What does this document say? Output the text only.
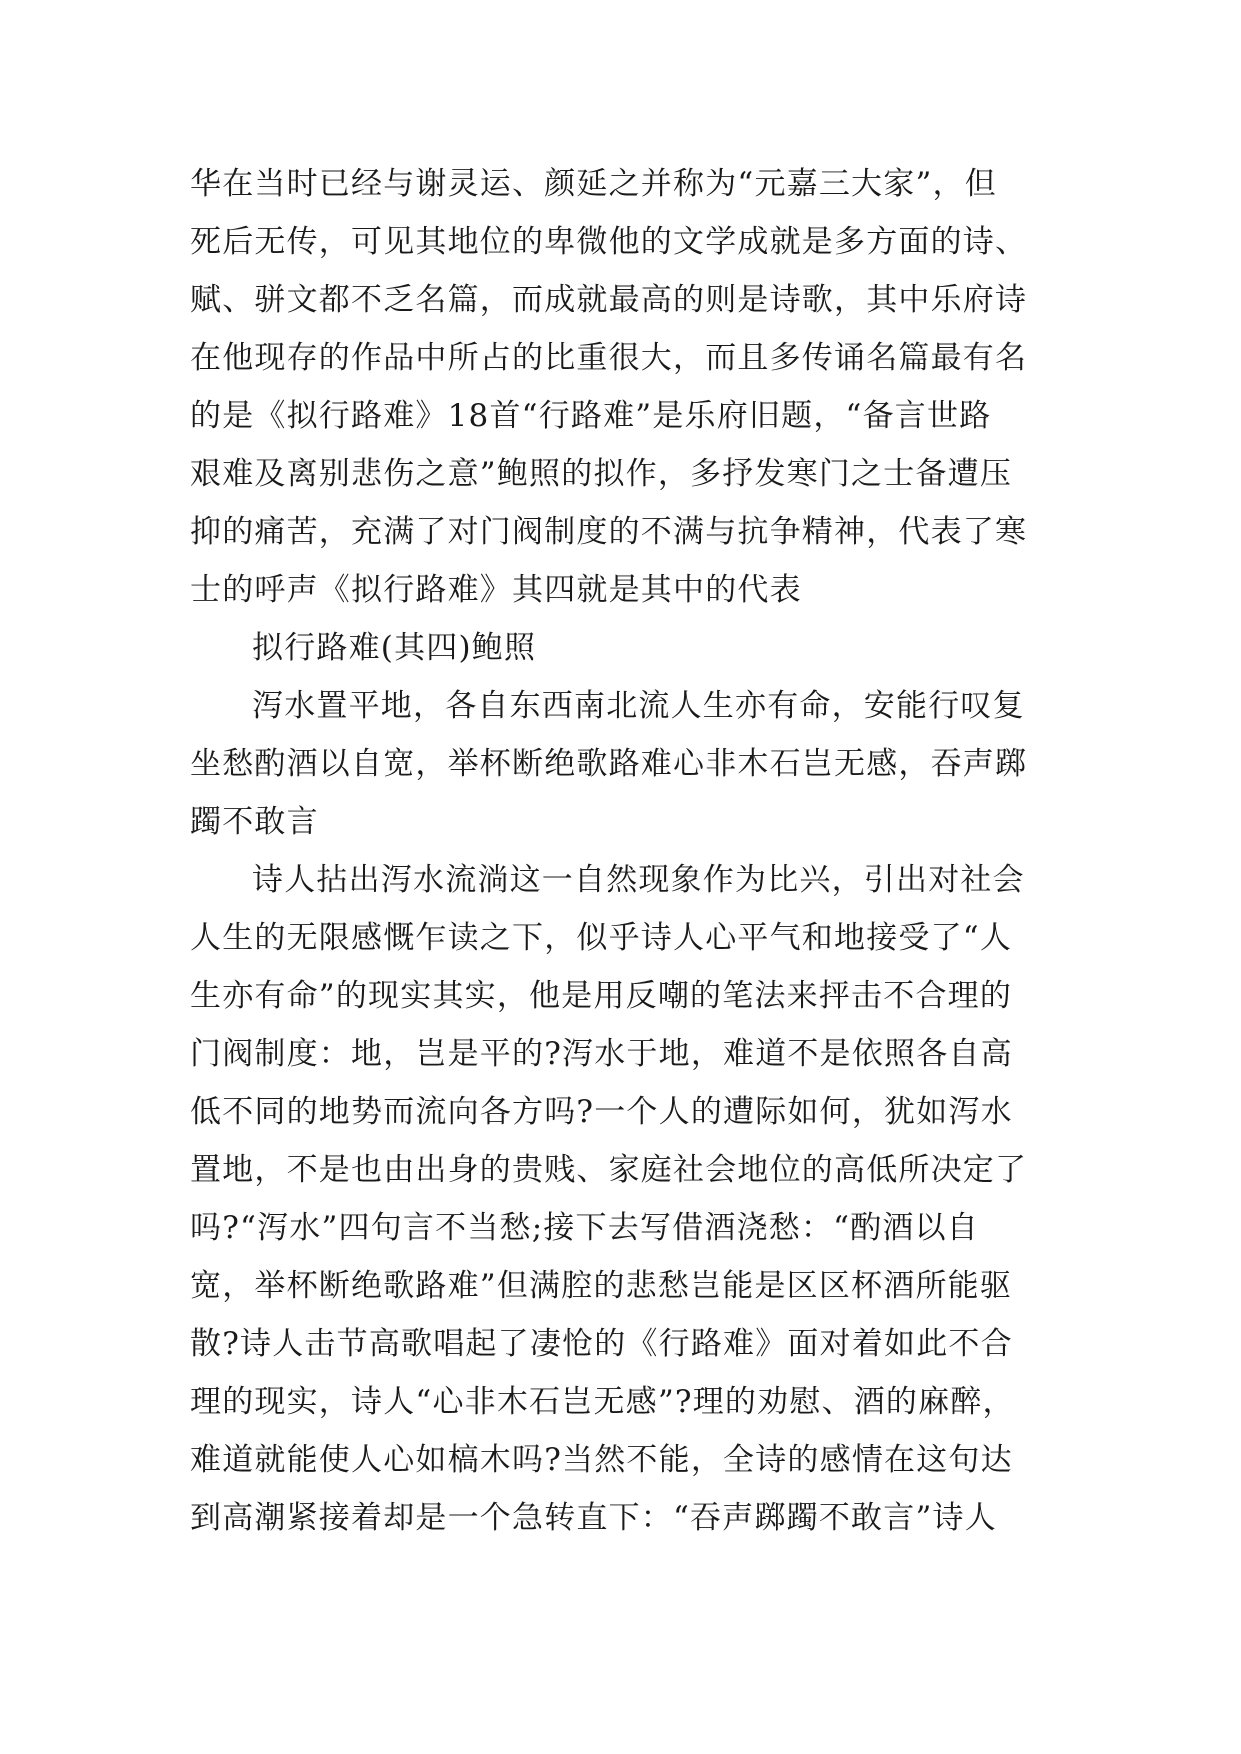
华在当时已经与谢灵运、颜延之并称为“元嘉三大家”，但
死后无传，可见其地位的卑微他的文学成就是多方面的诗、
赋、骈文都不乏名篇，而成就最高的则是诗歌，其中乐府诗
在他现存的作品中所占的比重很大，而且多传诵名篇最有名
的是《拟行路难》18首“行路难”是乐府旧题，“备言世路
艰难及离别悲伤之意”鲍照的拟作，多抒发寒门之士备遭压
抑的痛苦，充满了对门阀制度的不满与抗争精神，代表了寒
士的呼声《拟行路难》其四就是其中的代表
拟行路难(其四)鲍照
泻水置平地，各自东西南北流人生亦有命，安能行叹复
坐愁酌酒以自宽，举杯断绝歌路难心非木石岂无感，吞声踯
躅不敢言
诗人拈出泻水流淌这一自然现象作为比兴，引出对社会
人生的无限感慨乍读之下，似乎诗人心平气和地接受了“人
生亦有命”的现实其实，他是用反嘲的笔法来抨击不合理的
门阀制度：地，岂是平的?泻水于地，难道不是依照各自高
低不同的地势而流向各方吗?一个人的遭际如何，犹如泻水
置地，不是也由出身的贵贱、家庭社会地位的高低所决定了
吗?“泻水”四句言不当愁;接下去写借酒浇愁：“酌酒以自
宽，举杯断绝歌路难”但满腔的悲愁岂能是区区杯酒所能驱
散?诗人击节高歌唱起了凄怆的《行路难》面对着如此不合
理的现实，诗人“心非木石岂无感”?理的劝慰、酒的麻醉，
难道就能使人心如槁木吗?当然不能，全诗的感情在这句达
到高潮紧接着却是一个急转直下：“吞声踯躅不敢言”诗人
